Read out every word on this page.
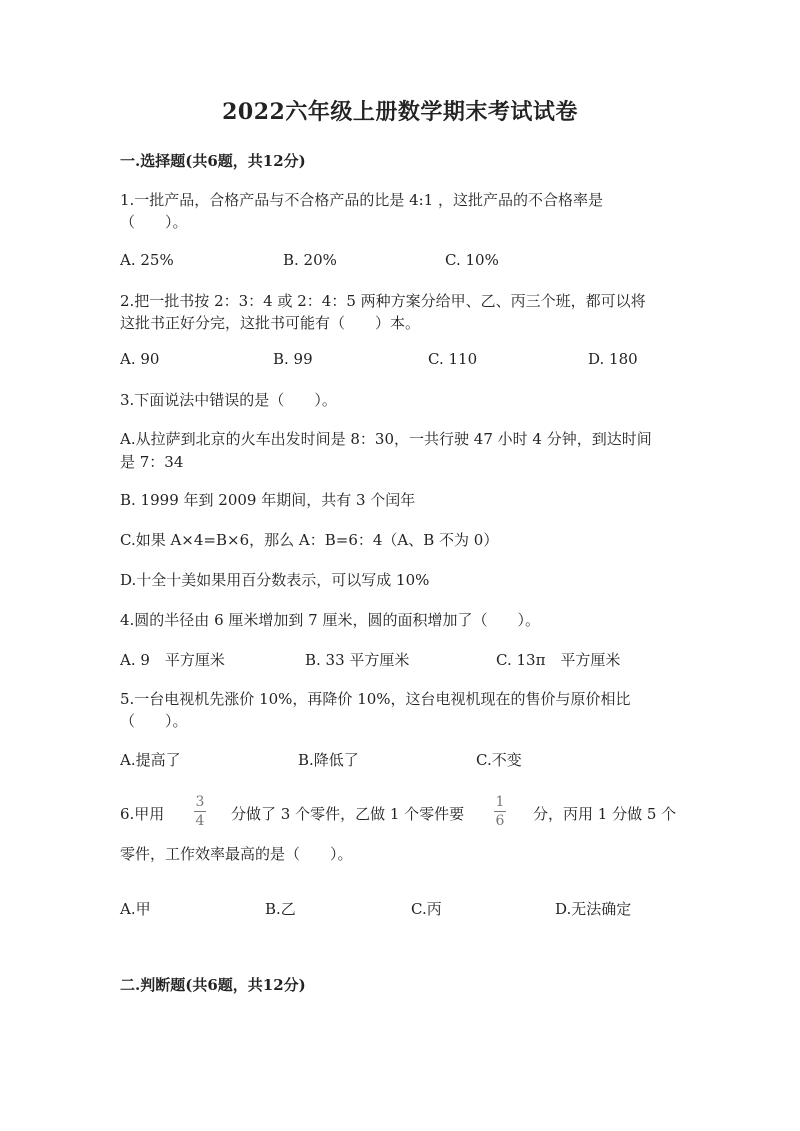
2022六年级上册数学期末考试试卷
一.选择题(共6题，共12分)
1.一批产品，合格产品与不合格产品的比是 4:1 ，这批产品的不合格率是
（　　）。
A. 25%	B. 20%	C. 10%
2.把一批书按 2：3：4 或 2：4：5 两种方案分给甲、乙、丙三个班，都可以将
这批书正好分完，这批书可能有（　　）本。
A. 90	B. 99	C. 110	D. 180
3.下面说法中错误的是（　　）。
A.从拉萨到北京的火车出发时间是 8：30，一共行驶 47 小时 4 分钟，到达时间
是 7：34
B. 1999 年到 2009 年期间，共有 3 个闰年
C.如果 A×4=B×6，那么 A：B=6：4（A、B 不为 0）
D.十全十美如果用百分数表示，可以写成 10%
4.圆的半径由 6 厘米增加到 7 厘米，圆的面积增加了（　　）。
A. 9　平方厘米	B. 33 平方厘米	C. 13π　平方厘米
5.一台电视机先涨价 10%，再降价 10%，这台电视机现在的售价与原价相比
（　　）。
A.提高了	B.降低了	C.不变
6.甲用
3
4 分做了 3 个零件，乙做 1 个零件要
1
6 分，丙用 1 分做 5 个
零件，工作效率最高的是（　　）。
A.甲	B.乙	C.丙	D.无法确定
二.判断题(共6题，共12分)
